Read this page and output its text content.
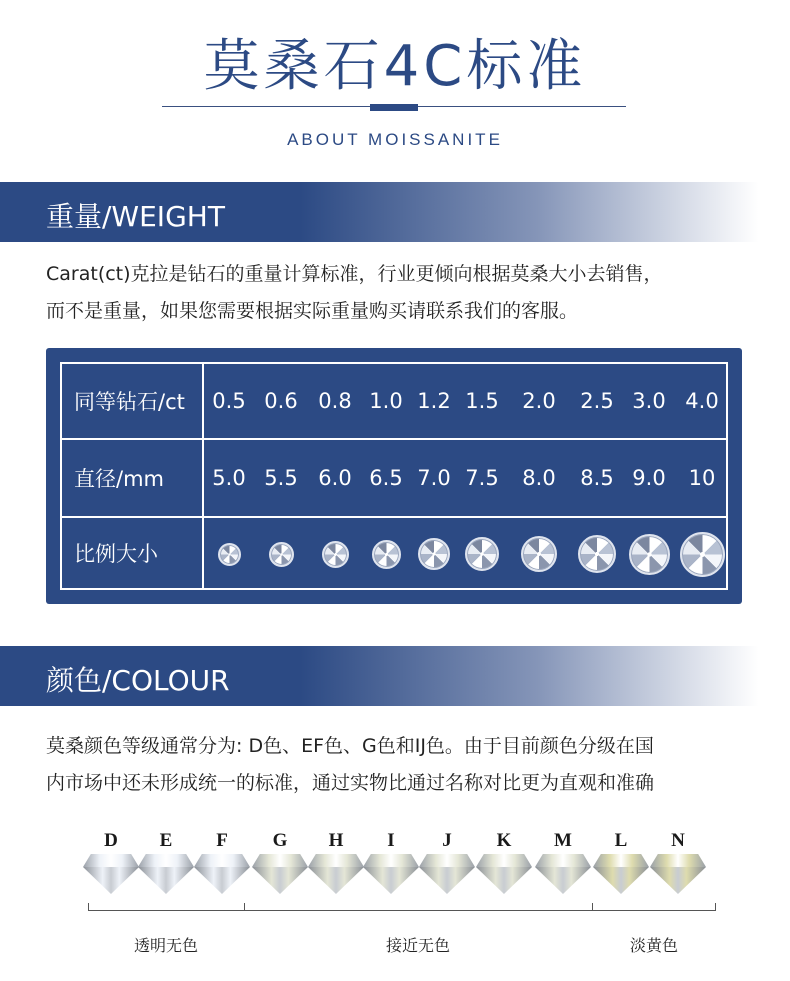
莫桑石4C标准
ABOUT MOISSANITE
重量/WEIGHT
Carat(ct)克拉是钻石的重量计算标准，行业更倾向根据莫桑大小去销售，
而不是重量，如果您需要根据实际重量购买请联系我们的客服。
同等钻石/ct	0.5 0.6 0.8 1.0 1.2 1.5	2.0	2.5 3.0 4.0
直径/mm	5.0 5.5 6.0 6.5 7.0 7.5	8.0	8.5 9.0	10
比例大小
颜色/COLOUR
莫桑颜色等级通常分为: D色、EF色、G色和IJ色。由于目前颜色分级在国
内市场中还未形成统一的标准，通过实物比通过名称对比更为直观和准确
D	E	F	G	H	I	J	K	M	L	N
透明无色	接近无色	淡黄色
